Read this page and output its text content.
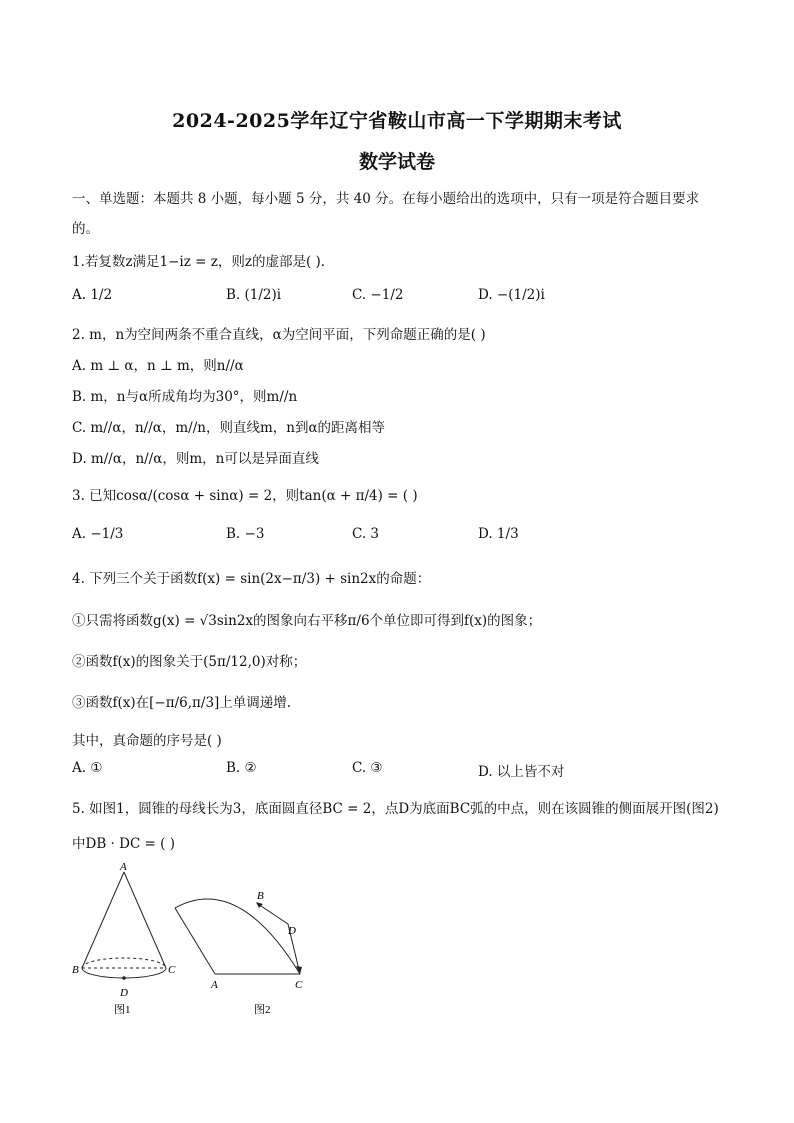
2024-2025学年辽宁省鞍山市高一下学期期末考试
数学试卷
一、单选题：本题共 8 小题，每小题 5 分，共 40 分。在每小题给出的选项中，只有一项是符合题目要求
的。
1.若复数z满足1−iz = z，则z的虚部是( ).
A. 1/2	B. (1/2)i	C. −1/2	D. −(1/2)i
2. m，n为空间两条不重合直线，α为空间平面，下列命题正确的是( )
A. m ⊥ α，n ⊥ m，则n//α
B. m，n与α所成角均为30°，则m//n
C. m//α，n//α，m//n，则直线m，n到α的距离相等
D. m//α，n//α，则m，n可以是异面直线
3. 已知cosα/(cosα + sinα) = 2，则tan(α + π/4) = ( )
A. −1/3	B. −3	C. 3	D. 1/3
4. 下列三个关于函数f(x) = sin(2x−π/3) + sin2x的命题：
①只需将函数g(x) = √3sin2x的图象向右平移π/6个单位即可得到f(x)的图象；
②函数f(x)的图象关于(5π/12,0)对称；
③函数f(x)在[−π/6,π/3]上单调递增.
其中，真命题的序号是( )
A. ①	B. ②	C. ③	D. 以上皆不对
5. 如图1，圆锥的母线长为3，底面圆直径BC = 2，点D为底面BC弧的中点，则在该圆锥的侧面展开图(图2)
中DB · DC = ( )
A
B	C
D
图1
B
D
A	C
图2
